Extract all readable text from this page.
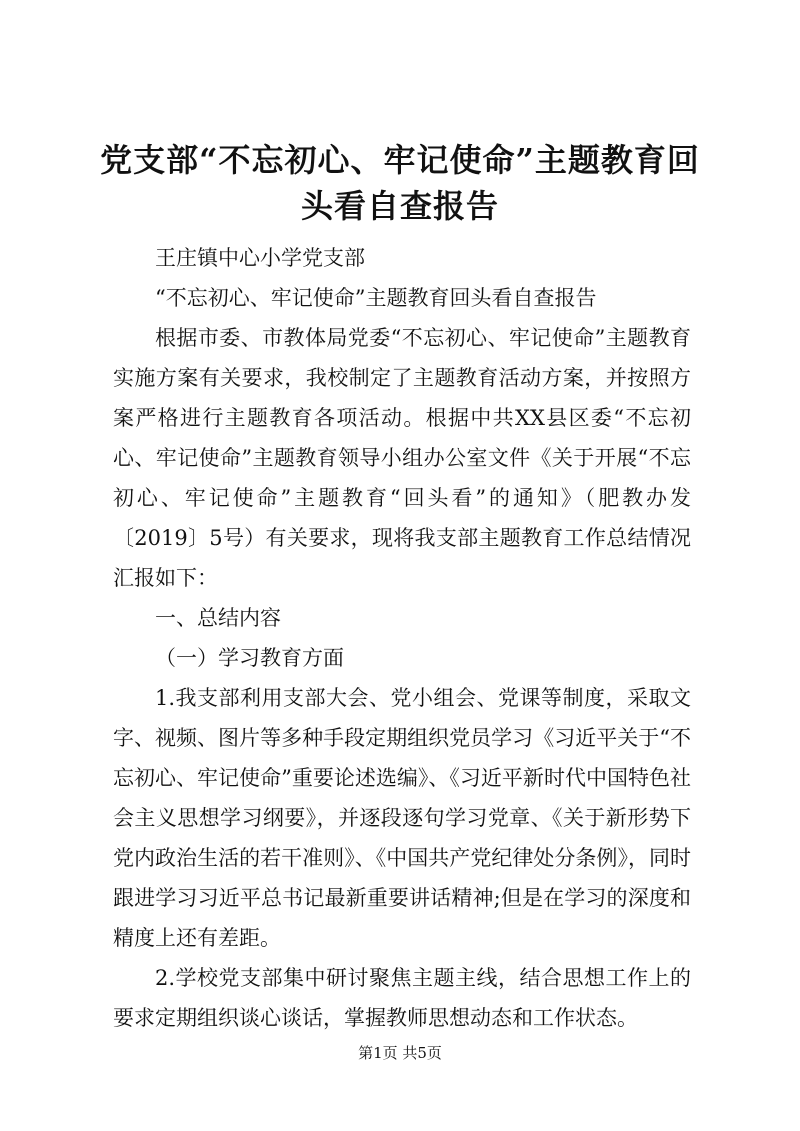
党支部“不忘初心、牢记使命”主题教育回头看自查报告

王庄镇中心小学党支部

“不忘初心、牢记使命”主题教育回头看自查报告

根据市委、市教体局党委“不忘初心、牢记使命”主题教育实施方案有关要求，我校制定了主题教育活动方案，并按照方案严格进行主题教育各项活动。根据中共XX县区委“不忘初心、牢记使命”主题教育领导小组办公室文件《关于开展“不忘初心、牢记使命”主题教育“回头看”的通知》（肥教办发〔2019〕5号）有关要求，现将我支部主题教育工作总结情况汇报如下：

一、总结内容

（一）学习教育方面

1.我支部利用支部大会、党小组会、党课等制度，采取文字、视频、图片等多种手段定期组织党员学习《习近平关于“不忘初心、牢记使命”重要论述选编》、《习近平新时代中国特色社会主义思想学习纲要》，并逐段逐句学习党章、《关于新形势下党内政治生活的若干准则》、《中国共产党纪律处分条例》，同时跟进学习习近平总书记最新重要讲话精神;但是在学习的深度和精度上还有差距。

2.学校党支部集中研讨聚焦主题主线，结合思想工作上的要求定期组织谈心谈话，掌握教师思想动态和工作状态。

第1页 共5页
